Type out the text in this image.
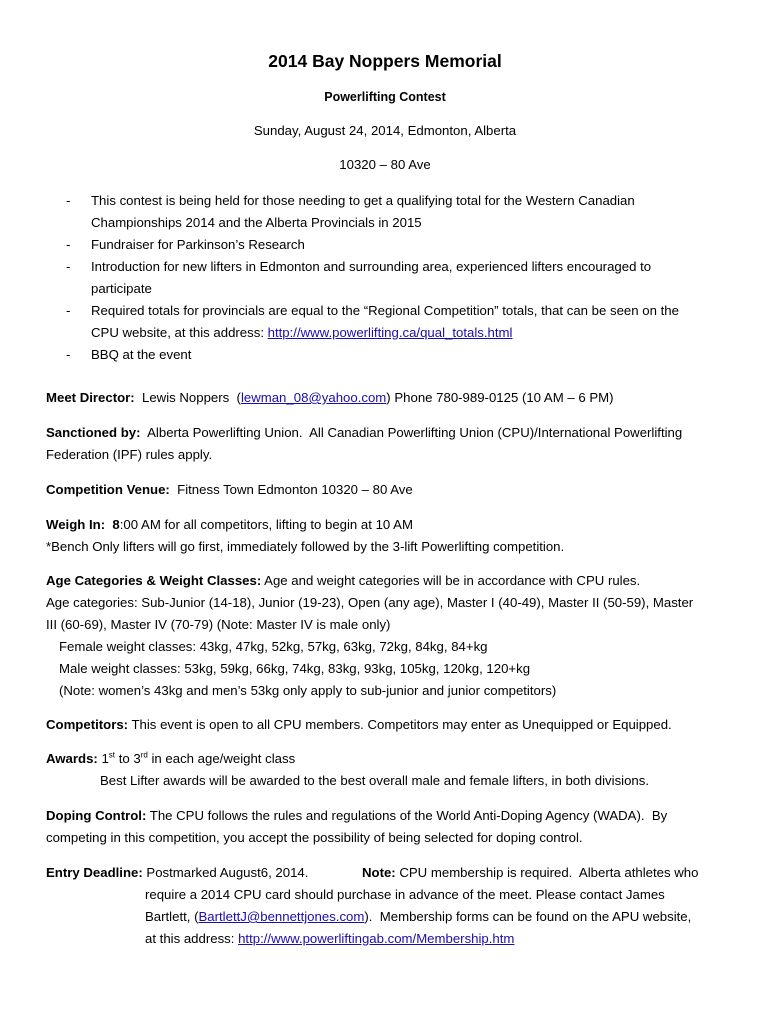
2014 Bay Noppers Memorial
Powerlifting Contest
Sunday, August 24, 2014, Edmonton, Alberta
10320 – 80 Ave
- This contest is being held for those needing to get a qualifying total for the Western Canadian
Championships 2014 and the Alberta Provincials in 2015
- Fundraiser for Parkinson’s Research
- Introduction for new lifters in Edmonton and surrounding area, experienced lifters encouraged to
participate
- Required totals for provincials are equal to the “Regional Competition” totals, that can be seen on the
CPU website, at this address: http://www.powerlifting.ca/qual_totals.html
- BBQ at the event
Meet Director:  Lewis Noppers  (lewman_08@yahoo.com) Phone 780-989-0125 (10 AM – 6 PM)
Sanctioned by:  Alberta Powerlifting Union.  All Canadian Powerlifting Union (CPU)/International Powerlifting
Federation (IPF) rules apply.
Competition Venue:  Fitness Town Edmonton 10320 – 80 Ave
Weigh In:  8:00 AM for all competitors, lifting to begin at 10 AM
*Bench Only lifters will go first, immediately followed by the 3-lift Powerlifting competition.
Age Categories & Weight Classes: Age and weight categories will be in accordance with CPU rules.
Age categories: Sub-Junior (14-18), Junior (19-23), Open (any age), Master I (40-49), Master II (50-59), Master
III (60-69), Master IV (70-79) (Note: Master IV is male only)
Female weight classes: 43kg, 47kg, 52kg, 57kg, 63kg, 72kg, 84kg, 84+kg
Male weight classes: 53kg, 59kg, 66kg, 74kg, 83kg, 93kg, 105kg, 120kg, 120+kg
(Note: women’s 43kg and men’s 53kg only apply to sub-junior and junior competitors)
Competitors: This event is open to all CPU members. Competitors may enter as Unequipped or Equipped.
Awards: 1st to 3rd in each age/weight class
Best Lifter awards will be awarded to the best overall male and female lifters, in both divisions.
Doping Control: The CPU follows the rules and regulations of the World Anti-Doping Agency (WADA).  By
competing in this competition, you accept the possibility of being selected for doping control.
Entry Deadline: Postmarked August6, 2014.	Note: CPU membership is required.  Alberta athletes who
require a 2014 CPU card should purchase in advance of the meet. Please contact James
Bartlett, (BartlettJ@bennettjones.com).  Membership forms can be found on the APU website,
at this address: http://www.powerliftingab.com/Membership.htm
